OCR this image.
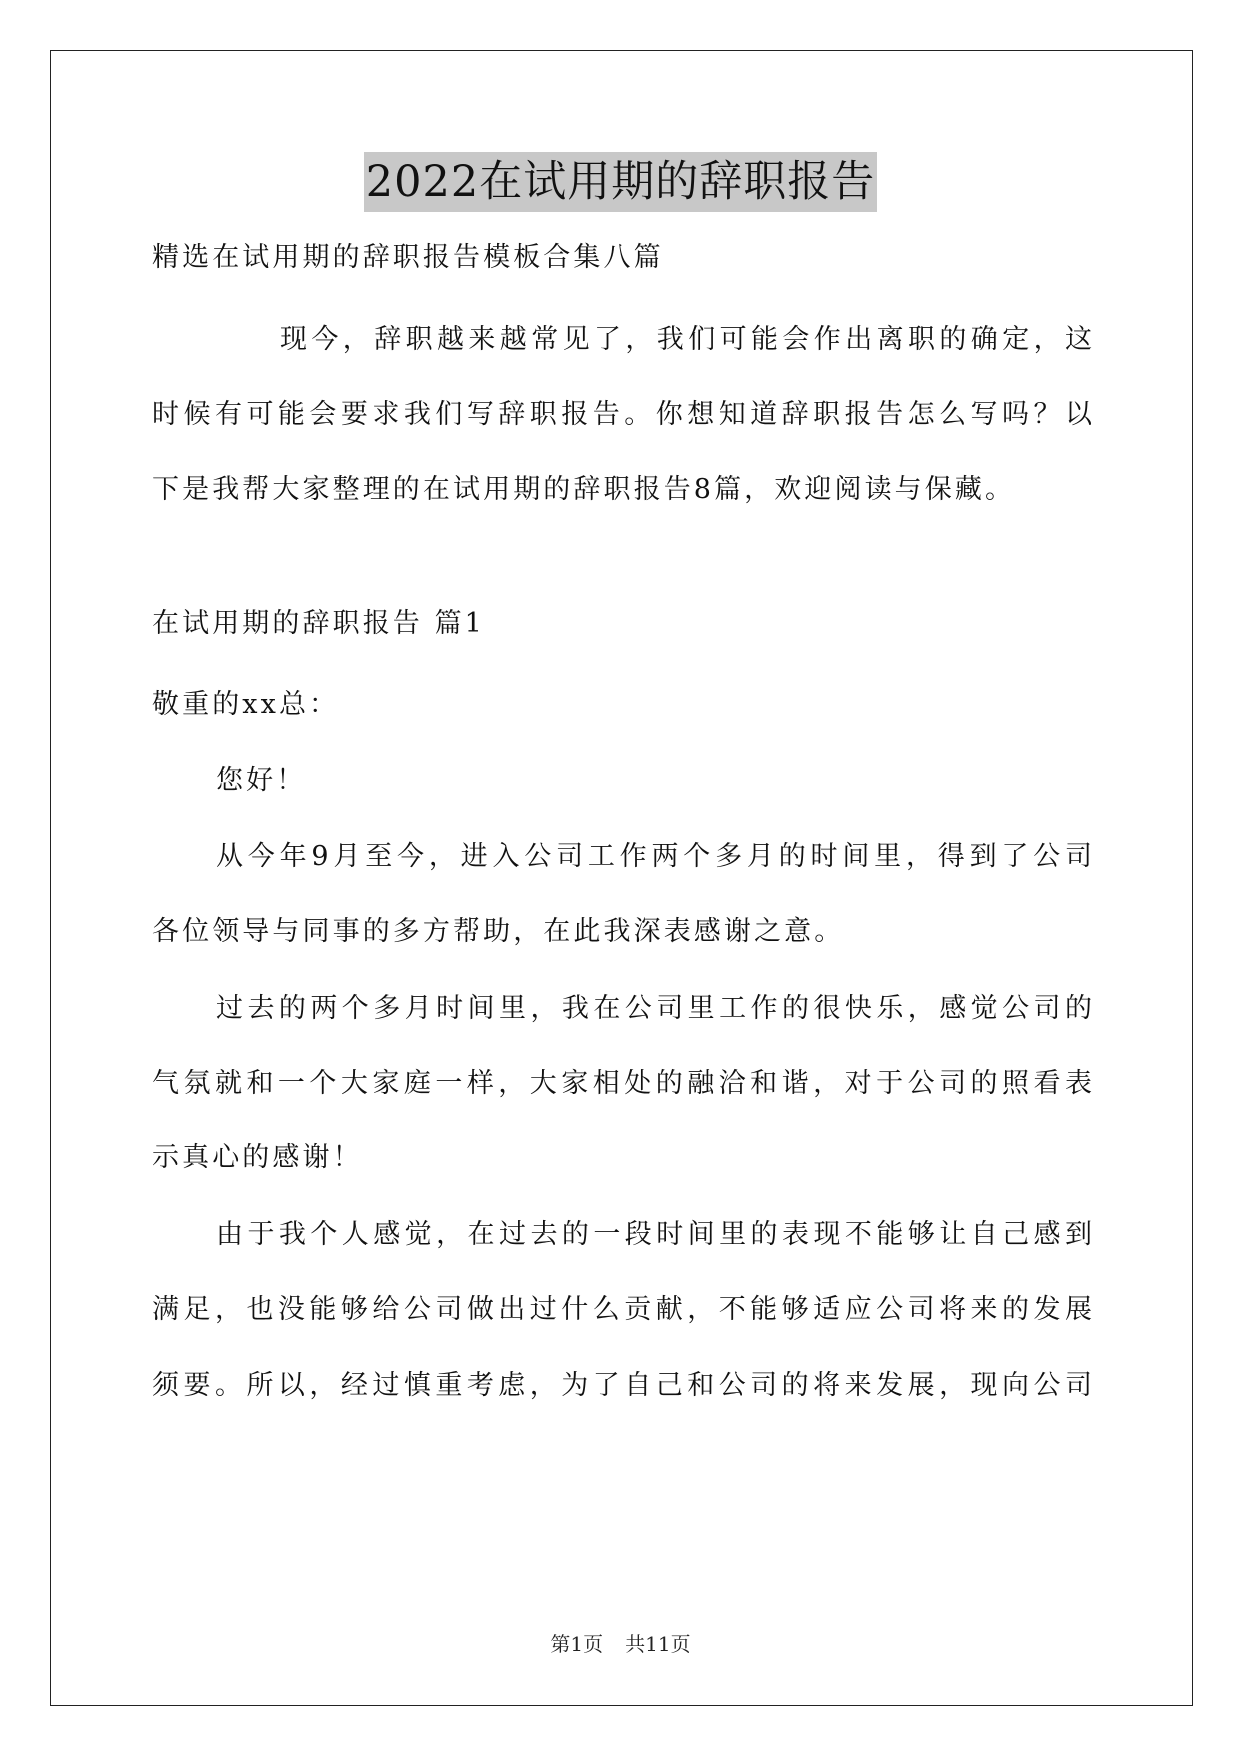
2022在试用期的辞职报告
精选在试用期的辞职报告模板合集八篇
现今，辞职越来越常见了，我们可能会作出离职的确定，这
时候有可能会要求我们写辞职报告。你想知道辞职报告怎么写吗？以
下是我帮大家整理的在试用期的辞职报告8篇，欢迎阅读与保藏。
在试用期的辞职报告 篇1
敬重的xx总：
您好！
从今年9月至今，进入公司工作两个多月的时间里，得到了公司
各位领导与同事的多方帮助，在此我深表感谢之意。
过去的两个多月时间里，我在公司里工作的很快乐，感觉公司的
气氛就和一个大家庭一样，大家相处的融洽和谐，对于公司的照看表
示真心的感谢！
由于我个人感觉，在过去的一段时间里的表现不能够让自己感到
满足，也没能够给公司做出过什么贡献，不能够适应公司将来的发展
须要。所以，经过慎重考虑，为了自己和公司的将来发展，现向公司
第1页 共11页
